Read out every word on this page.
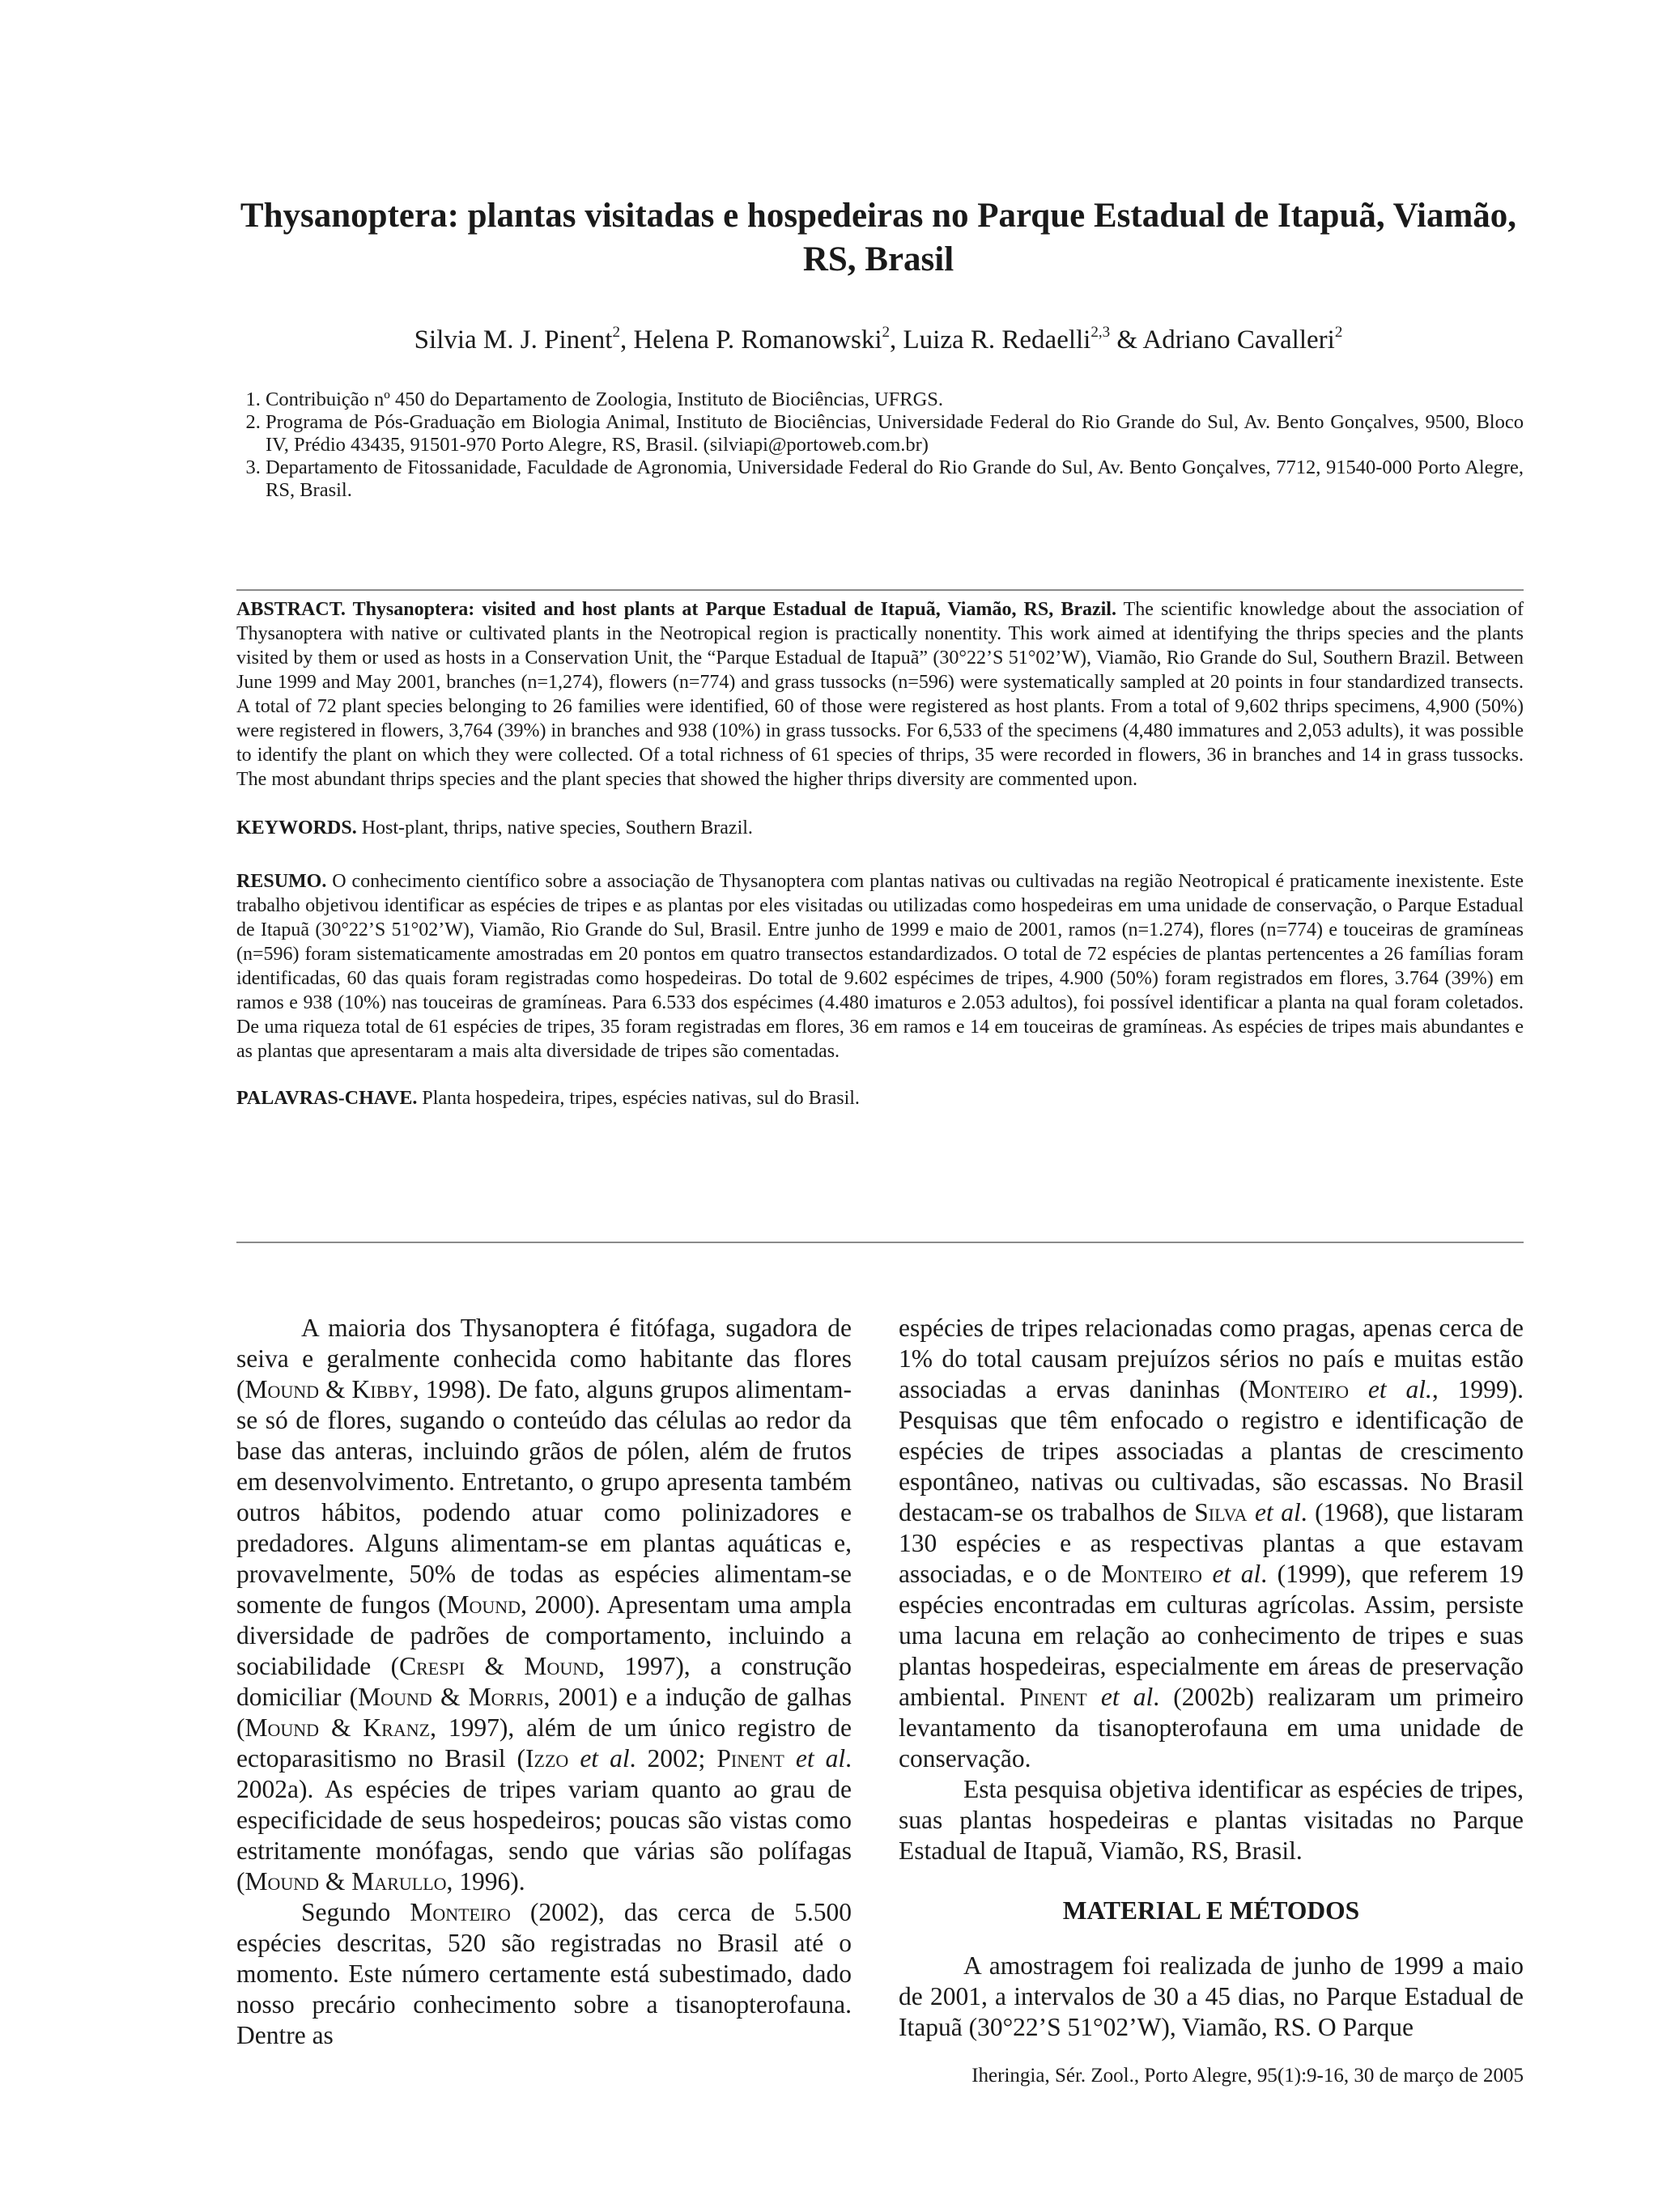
Thysanoptera: plantas visitadas e hospedeiras no Parque Estadual de Itapuã, Viamão, RS, Brasil
Silvia M. J. Pinent$^2$, Helena P. Romanowski$^2$, Luiza R. Redaelli$^{2,3}$ & Adriano Cavalleri$^2$
1. Contribuição nº 450 do Departamento de Zoologia, Instituto de Biociências, UFRGS.
2. Programa de Pós-Graduação em Biologia Animal, Instituto de Biociências, Universidade Federal do Rio Grande do Sul, Av. Bento Gonçalves, 9500, Bloco IV, Prédio 43435, 91501-970 Porto Alegre, RS, Brasil. (silviapi@portoweb.com.br)
3. Departamento de Fitossanidade, Faculdade de Agronomia, Universidade Federal do Rio Grande do Sul, Av. Bento Gonçalves, 7712, 91540-000 Porto Alegre, RS, Brasil.

ABSTRACT. Thysanoptera: visited and host plants at Parque Estadual de Itapuã, Viamão, RS, Brazil. The scientific knowledge about the association of Thysanoptera with native or cultivated plants in the Neotropical region is practically nonentity. This work aimed at identifying the thrips species and the plants visited by them or used as hosts in a Conservation Unit, the “Parque Estadual de Itapuã” (30°22’S 51°02’W), Viamão, Rio Grande do Sul, Southern Brazil. Between June 1999 and May 2001, branches (n=1,274), flowers (n=774) and grass tussocks (n=596) were systematically sampled at 20 points in four standardized transects. A total of 72 plant species belonging to 26 families were identified, 60 of those were registered as host plants. From a total of 9,602 thrips specimens, 4,900 (50%) were registered in flowers, 3,764 (39%) in branches and 938 (10%) in grass tussocks. For 6,533 of the specimens (4,480 immatures and 2,053 adults), it was possible to identify the plant on which they were collected. Of a total richness of 61 species of thrips, 35 were recorded in flowers, 36 in branches and 14 in grass tussocks. The most abundant thrips species and the plant species that showed the higher thrips diversity are commented upon.

KEYWORDS. Host-plant, thrips, native species, Southern Brazil.

RESUMO. O conhecimento científico sobre a associação de Thysanoptera com plantas nativas ou cultivadas na região Neotropical é praticamente inexistente. Este trabalho objetivou identificar as espécies de tripes e as plantas por eles visitadas ou utilizadas como hospedeiras em uma unidade de conservação, o Parque Estadual de Itapuã (30°22’S 51°02’W), Viamão, Rio Grande do Sul, Brasil. Entre junho de 1999 e maio de 2001, ramos (n=1.274), flores (n=774) e touceiras de gramíneas (n=596) foram sistematicamente amostradas em 20 pontos em quatro transectos estandardizados. O total de 72 espécies de plantas pertencentes a 26 famílias foram identificadas, 60 das quais foram registradas como hospedeiras. Do total de 9.602 espécimes de tripes, 4.900 (50%) foram registrados em flores, 3.764 (39%) em ramos e 938 (10%) nas touceiras de gramíneas. Para 6.533 dos espécimes (4.480 imaturos e 2.053 adultos), foi possível identificar a planta na qual foram coletados. De uma riqueza total de 61 espécies de tripes, 35 foram registradas em flores, 36 em ramos e 14 em touceiras de gramíneas. As espécies de tripes mais abundantes e as plantas que apresentaram a mais alta diversidade de tripes são comentadas.

PALAVRAS-CHAVE. Planta hospedeira, tripes, espécies nativas, sul do Brasil.

A maioria dos Thysanoptera é fitófaga, sugadora de seiva e geralmente conhecida como habitante das flores (Mound & Kibby, 1998). De fato, alguns grupos alimentam-se só de flores, sugando o conteúdo das células ao redor da base das anteras, incluindo grãos de pólen, além de frutos em desenvolvimento. Entretanto, o grupo apresenta também outros hábitos, podendo atuar como polinizadores e predadores. Alguns alimentam-se em plantas aquáticas e, provavelmente, 50% de todas as espécies alimentam-se somente de fungos (Mound, 2000). Apresentam uma ampla diversidade de padrões de comportamento, incluindo a sociabilidade (Crespi & Mound, 1997), a construção domiciliar (Mound & Morris, 2001) e a indução de galhas (Mound & Kranz, 1997), além de um único registro de ectoparasitismo no Brasil (Izzo et al. 2002; Pinent et al. 2002a). As espécies de tripes variam quanto ao grau de especificidade de seus hospedeiros; poucas são vistas como estritamente monófagas, sendo que várias são polífagas (Mound & Marullo, 1996).

Segundo Monteiro (2002), das cerca de 5.500 espécies descritas, 520 são registradas no Brasil até o momento. Este número certamente está subestimado, dado nosso precário conhecimento sobre a tisanopterofauna. Dentre as

espécies de tripes relacionadas como pragas, apenas cerca de 1% do total causam prejuízos sérios no país e muitas estão associadas a ervas daninhas (Monteiro et al., 1999). Pesquisas que têm enfocado o registro e identificação de espécies de tripes associadas a plantas de crescimento espontâneo, nativas ou cultivadas, são escassas. No Brasil destacam-se os trabalhos de Silva et al. (1968), que listaram 130 espécies e as respectivas plantas a que estavam associadas, e o de Monteiro et al. (1999), que referem 19 espécies encontradas em culturas agrícolas. Assim, persiste uma lacuna em relação ao conhecimento de tripes e suas plantas hospedeiras, especialmente em áreas de preservação ambiental. Pinent et al. (2002b) realizaram um primeiro levantamento da tisanopterofauna em uma unidade de conservação.

Esta pesquisa objetiva identificar as espécies de tripes, suas plantas hospedeiras e plantas visitadas no Parque Estadual de Itapuã, Viamão, RS, Brasil.

MATERIAL E MÉTODOS

A amostragem foi realizada de junho de 1999 a maio de 2001, a intervalos de 30 a 45 dias, no Parque Estadual de Itapuã (30°22’S 51°02’W), Viamão, RS. O Parque

Iheringia, Sér. Zool., Porto Alegre, 95(1):9-16, 30 de março de 2005
